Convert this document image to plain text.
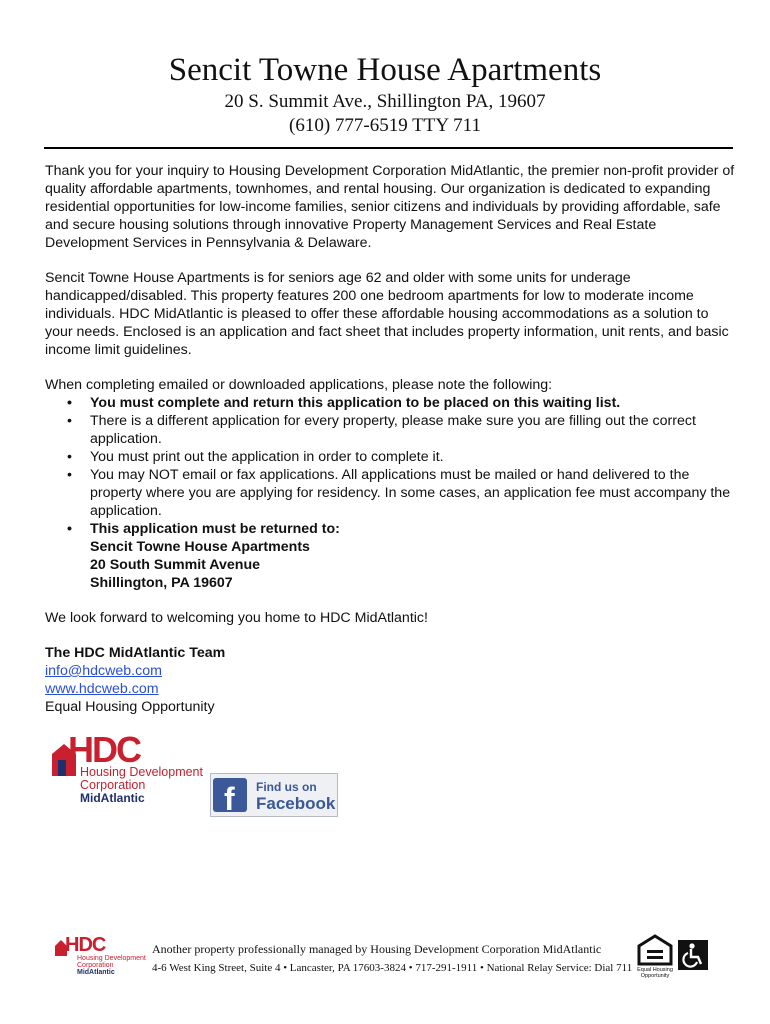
Sencit Towne House Apartments
20 S. Summit Ave., Shillington PA, 19607
(610) 777-6519 TTY 711

Thank you for your inquiry to Housing Development Corporation MidAtlantic, the premier non-profit provider of quality affordable apartments, townhomes, and rental housing. Our organization is dedicated to expanding residential opportunities for low-income families, senior citizens and individuals by providing affordable, safe and secure housing solutions through innovative Property Management Services and Real Estate Development Services in Pennsylvania & Delaware.

Sencit Towne House Apartments is for seniors age 62 and older with some units for underage handicapped/disabled. This property features 200 one bedroom apartments for low to moderate income individuals. HDC MidAtlantic is pleased to offer these affordable housing accommodations as a solution to your needs. Enclosed is an application and fact sheet that includes property information, unit rents, and basic income limit guidelines.

When completing emailed or downloaded applications, please note the following:
• You must complete and return this application to be placed on this waiting list.
• There is a different application for every property, please make sure you are filling out the correct application.
• You must print out the application in order to complete it.
• You may NOT email or fax applications. All applications must be mailed or hand delivered to the property where you are applying for residency. In some cases, an application fee must accompany the application.
• This application must be returned to:
Sencit Towne House Apartments
20 South Summit Avenue
Shillington, PA 19607

We look forward to welcoming you home to HDC MidAtlantic!

The HDC MidAtlantic Team
info@hdcweb.com
www.hdcweb.com
Equal Housing Opportunity
HDC
Housing Development
Corporation
MidAtlantic f Find us on
Facebook
HDC
Housing Development
Corporation
MidAtlantic
Another property professionally managed by Housing Development Corporation MidAtlantic
4-6 West King Street, Suite 4 • Lancaster, PA 17603-3824 • 717-291-1911 • National Relay Service: Dial 711 Equal Housing
Opportunity
